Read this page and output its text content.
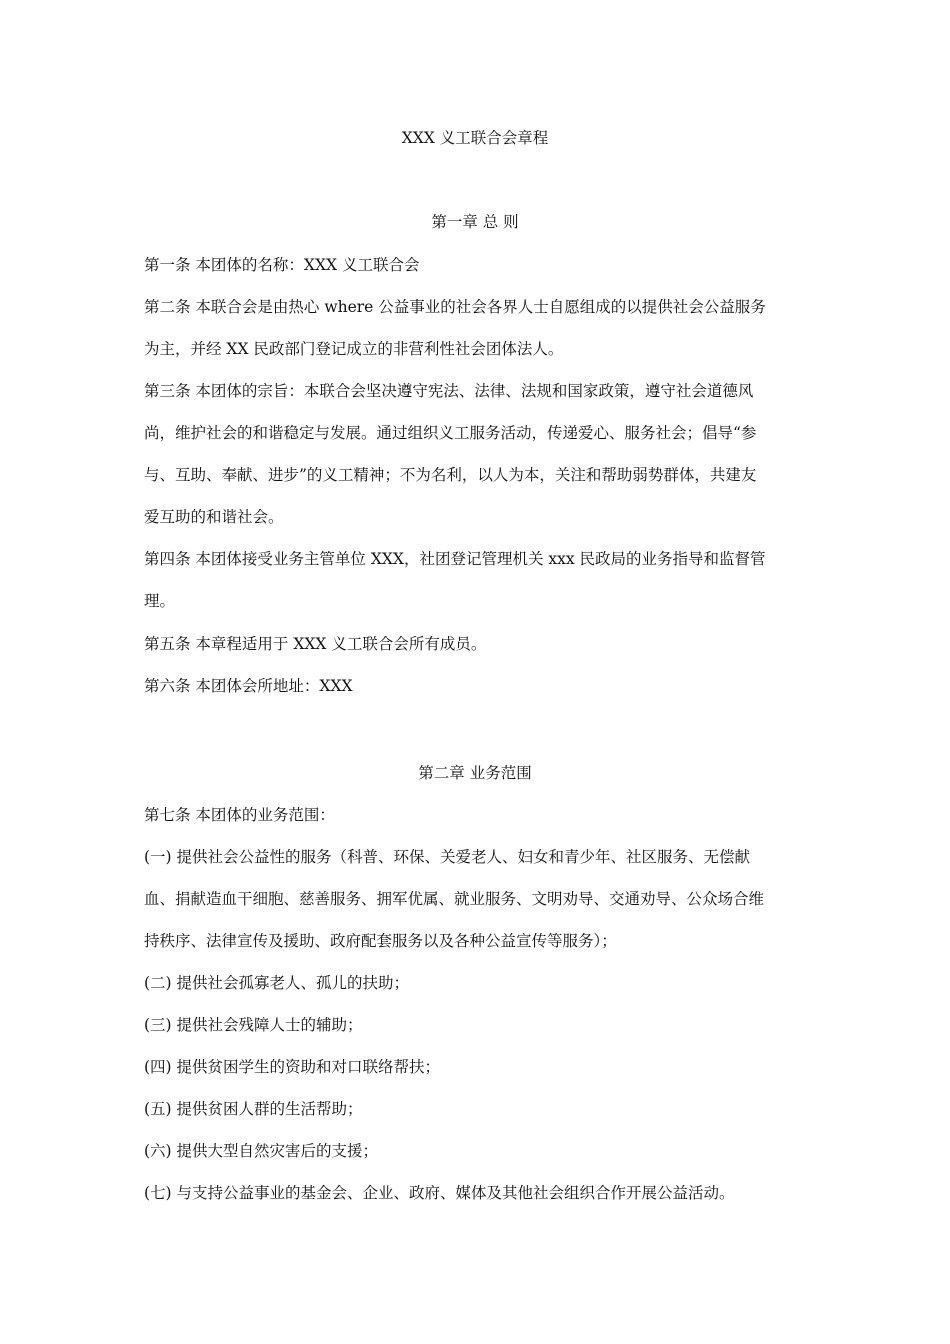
XXX 义工联合会章程
第一章 总 则
第一条 本团体的名称：XXX 义工联合会
第二条 本联合会是由热心 where 公益事业的社会各界人士自愿组成的以提供社会公益服务
为主，并经 XX 民政部门登记成立的非营利性社会团体法人。
第三条 本团体的宗旨：本联合会坚决遵守宪法、法律、法规和国家政策，遵守社会道德风
尚，维护社会的和谐稳定与发展。通过组织义工服务活动，传递爱心、服务社会；倡导“参
与、互助、奉献、进步”的义工精神；不为名利，以人为本，关注和帮助弱势群体，共建友
爱互助的和谐社会。
第四条 本团体接受业务主管单位 XXX，社团登记管理机关 xxx 民政局的业务指导和监督管
理。
第五条 本章程适用于 XXX 义工联合会所有成员。
第六条 本团体会所地址：XXX
第二章 业务范围
第七条 本团体的业务范围：
(一) 提供社会公益性的服务（科普、环保、关爱老人、妇女和青少年、社区服务、无偿献
血、捐献造血干细胞、慈善服务、拥军优属、就业服务、文明劝导、交通劝导、公众场合维
持秩序、法律宣传及援助、政府配套服务以及各种公益宣传等服务）；
(二) 提供社会孤寡老人、孤儿的扶助；
(三) 提供社会残障人士的辅助；
(四) 提供贫困学生的资助和对口联络帮扶；
(五) 提供贫困人群的生活帮助；
(六) 提供大型自然灾害后的支援；
(七) 与支持公益事业的基金会、企业、政府、媒体及其他社会组织合作开展公益活动。
